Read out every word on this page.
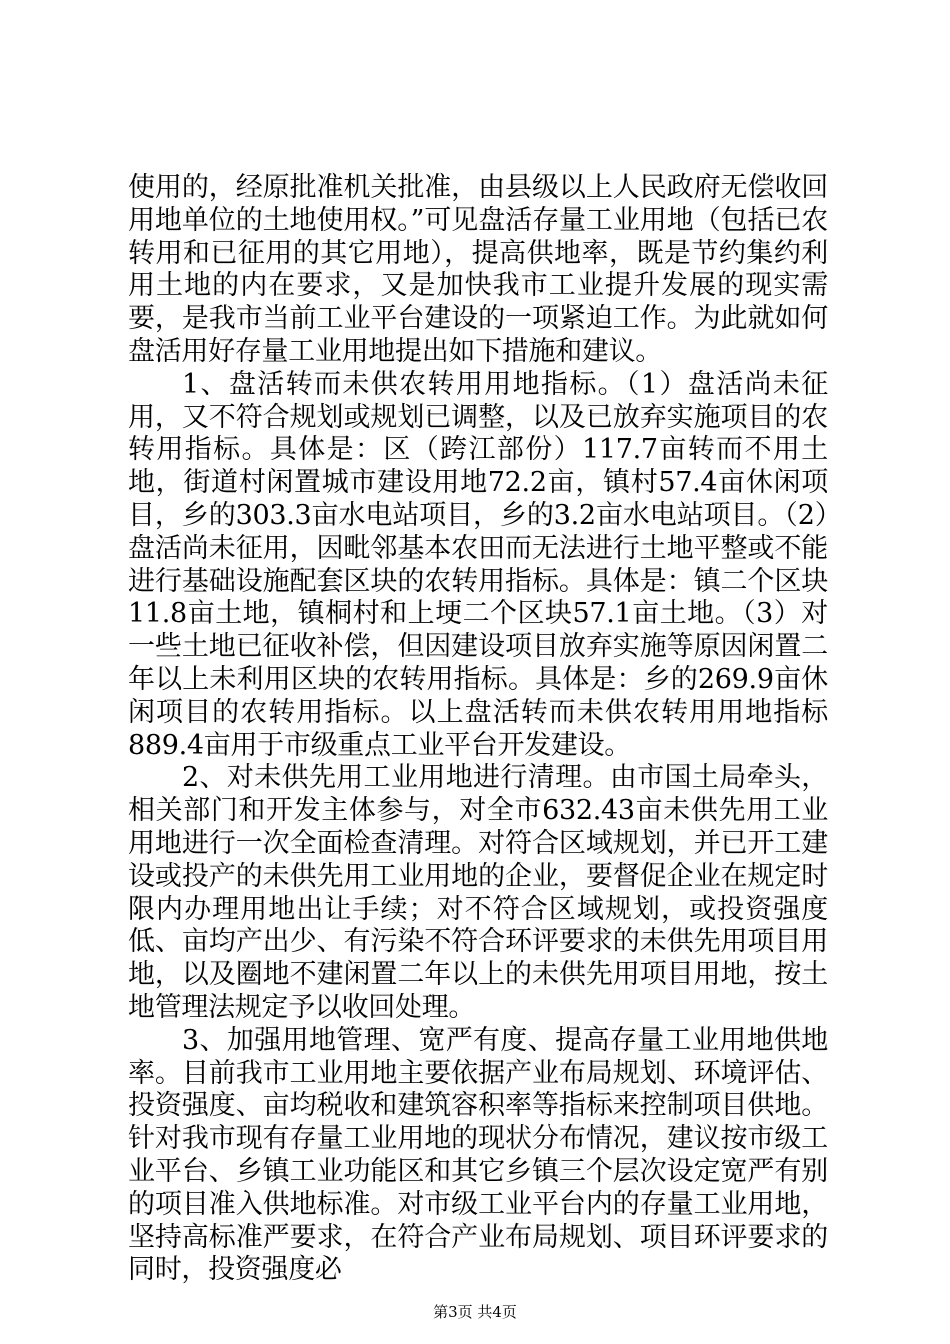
使用的，经原批准机关批准，由县级以上人民政府无偿收回用地单位的土地使用权。”可见盘活存量工业用地（包括已农转用和已征用的其它用地），提高供地率，既是节约集约利用土地的内在要求，又是加快我市工业提升发展的现实需要，是我市当前工业平台建设的一项紧迫工作。为此就如何盘活用好存量工业用地提出如下措施和建议。

1、盘活转而未供农转用用地指标。（1）盘活尚未征用，又不符合规划或规划已调整，以及已放弃实施项目的农转用指标。具体是：区（跨江部份）117.7亩转而不用土地，街道村闲置城市建设用地72.2亩，镇村57.4亩休闲项目，乡的303.3亩水电站项目，乡的3.2亩水电站项目。（2）盘活尚未征用，因毗邻基本农田而无法进行土地平整或不能进行基础设施配套区块的农转用指标。具体是：镇二个区块11.8亩土地，镇桐村和上埂二个区块57.1亩土地。（3）对一些土地已征收补偿，但因建设项目放弃实施等原因闲置二年以上未利用区块的农转用指标。具体是：乡的269.9亩休闲项目的农转用指标。以上盘活转而未供农转用用地指标889.4亩用于市级重点工业平台开发建设。

2、对未供先用工业用地进行清理。由市国土局牵头，相关部门和开发主体参与，对全市632.43亩未供先用工业用地进行一次全面检查清理。对符合区域规划，并已开工建设或投产的未供先用工业用地的企业，要督促企业在规定时限内办理用地出让手续；对不符合区域规划，或投资强度低、亩均产出少、有污染不符合环评要求的未供先用项目用地，以及圈地不建闲置二年以上的未供先用项目用地，按土地管理法规定予以收回处理。

3、加强用地管理、宽严有度、提高存量工业用地供地率。目前我市工业用地主要依据产业布局规划、环境评估、投资强度、亩均税收和建筑容积率等指标来控制项目供地。针对我市现有存量工业用地的现状分布情况，建议按市级工业平台、乡镇工业功能区和其它乡镇三个层次设定宽严有别的项目准入供地标准。对市级工业平台内的存量工业用地，坚持高标准严要求，在符合产业布局规划、项目环评要求的同时，投资强度必

第3页 共4页
